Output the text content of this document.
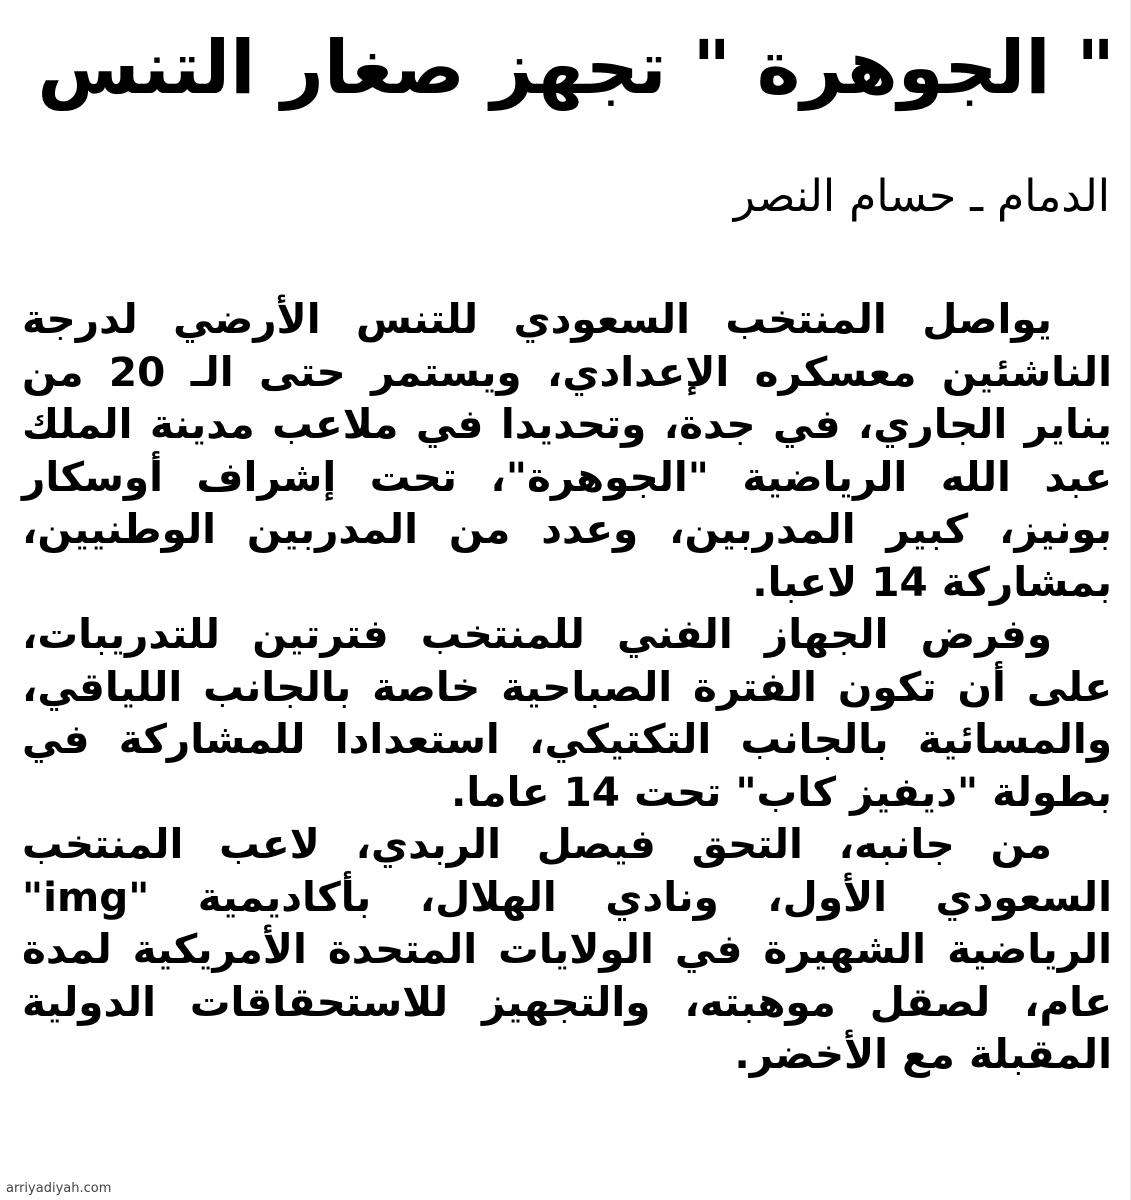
" الجوهرة " تجهز صغار التنس
الدمام ـ حسام النصر
يواصل المنتخب السعودي للتنس الأرضي لدرجة
الناشئين معسكره الإعدادي، ويستمر حتى الـ 20 من
يناير الجاري، في جدة، وتحديدا في ملاعب مدينة الملك
عبد الله الرياضية "الجوهرة"، تحت إشراف أوسكار
بونيز، كبير المدربين، وعدد من المدربين الوطنيين،
بمشاركة 14 لاعبا.
وفرض الجهاز الفني للمنتخب فترتين للتدريبات،
على أن تكون الفترة الصباحية خاصة بالجانب اللياقي،
والمسائية بالجانب التكتيكي، استعدادا للمشاركة في
بطولة "ديفيز كاب" تحت 14 عاما.
من جانبه، التحق فيصل الربدي، لاعب المنتخب
السعودي الأول، ونادي الهلال، بأكاديمية "img"
الرياضية الشهيرة في الولايات المتحدة الأمريكية لمدة
عام، لصقل موهبته، والتجهيز للاستحقاقات الدولية
المقبلة مع الأخضر.
arriyadiyah.com
